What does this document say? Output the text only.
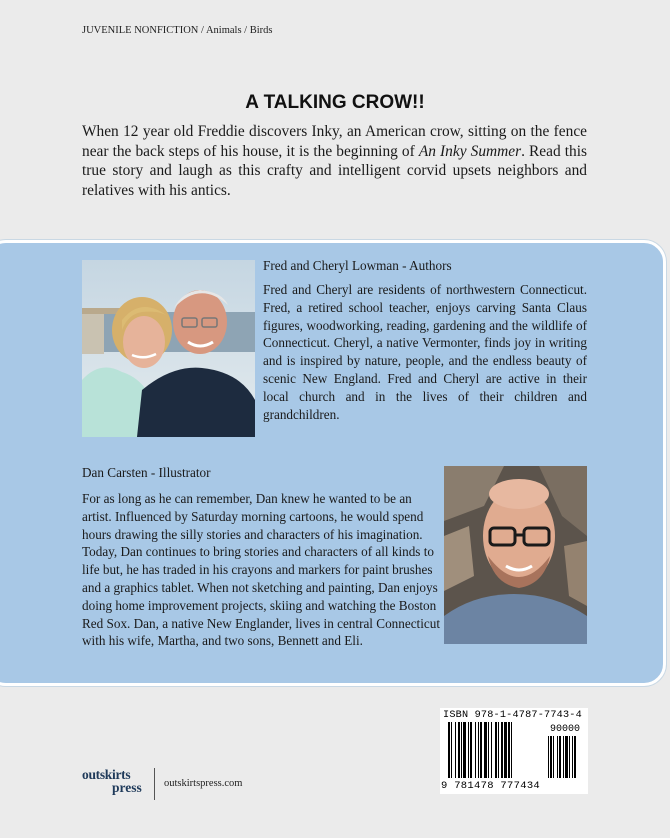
JUVENILE NONFICTION / Animals / Birds
A TALKING CROW!!

When 12 year old Freddie discovers Inky, an American crow, sitting on the fence near the back steps of his house, it is the beginning of An Inky Summer. Read this true story and laugh as this crafty and intelligent corvid upsets neighbors and relatives with his antics.

Fred and Cheryl Lowman - Authors

Fred and Cheryl are residents of northwestern Connecticut. Fred, a retired school teacher, enjoys carving Santa Claus figures, woodworking, reading, gardening and the wildlife of Connecticut. Cheryl, a native Vermonter, finds joy in writing and is inspired by nature, people, and the endless beauty of scenic New England. Fred and Cheryl are active in their local church and in the lives of their children and grandchildren.

Dan Carsten - Illustrator

For as long as he can remember, Dan knew he wanted to be an artist. Influenced by Saturday morning cartoons, he would spend hours drawing the silly stories and characters of his imagination. Today, Dan continues to bring stories and characters of all kinds to life but, he has traded in his crayons and markers for paint brushes and a graphics tablet. When not sketching and painting, Dan enjoys doing home improvement projects, skiing and watching the Boston Red Sox. Dan, a native New Englander, lives in central Connecticut with his wife, Martha, and two sons, Bennett and Eli.

outskirts
press outskirtspress.com
ISBN 978-1-4787-7743-4
90000
9 781478 777434
